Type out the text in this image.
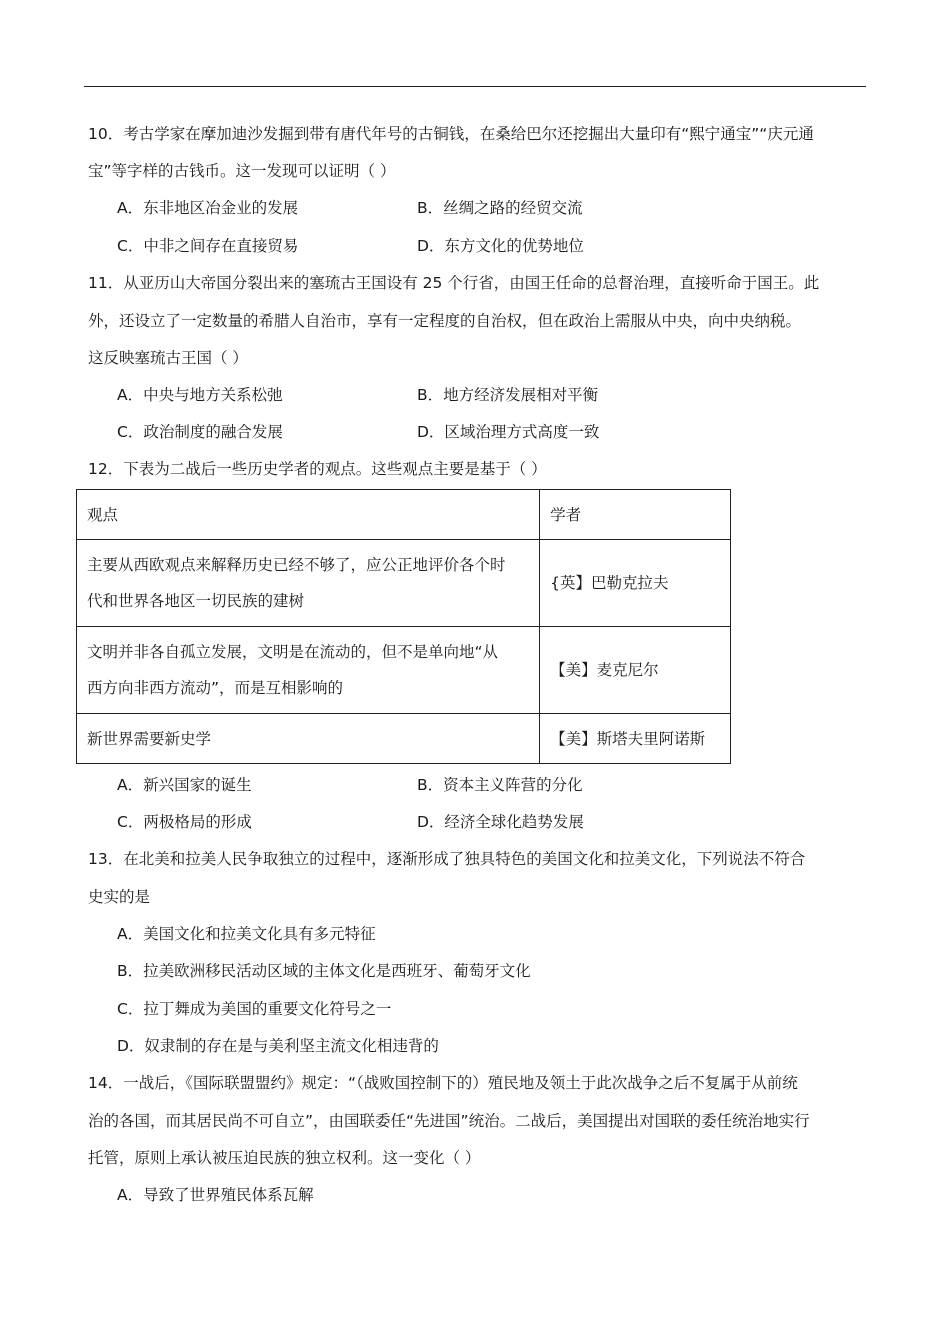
10．考古学家在摩加迪沙发掘到带有唐代年号的古铜钱，在桑给巴尔还挖掘出大量印有“熙宁通宝”“庆元通
宝”等字样的古钱币。这一发现可以证明（ ）
A．东非地区冶金业的发展	B．丝绸之路的经贸交流
C．中非之间存在直接贸易	D．东方文化的优势地位
11．从亚历山大帝国分裂出来的塞琉古王国设有 25 个行省，由国王任命的总督治理，直接听命于国王。此
外，还设立了一定数量的希腊人自治市，享有一定程度的自治权，但在政治上需服从中央，向中央纳税。
这反映塞琉古王国（ ）
A．中央与地方关系松弛	B．地方经济发展相对平衡
C．政治制度的融合发展	D．区域治理方式高度一致
12．下表为二战后一些历史学者的观点。这些观点主要是基于（ ）
观点	学者

主要从西欧观点来解释历史已经不够了，应公正地评价各个时
代和世界各地区一切民族的建树	{英】巴勒克拉夫

文明并非各自孤立发展，文明是在流动的，但不是单向地“从
西方向非西方流动”，而是互相影响的	【美】麦克尼尔
新世界需要新史学	【美】斯塔夫里阿诺斯
A．新兴国家的诞生	B．资本主义阵营的分化
C．两极格局的形成	D．经济全球化趋势发展
13．在北美和拉美人民争取独立的过程中，逐渐形成了独具特色的美国文化和拉美文化，下列说法不符合
史实的是
A．美国文化和拉美文化具有多元特征
B．拉美欧洲移民活动区域的主体文化是西班牙、葡萄牙文化
C．拉丁舞成为美国的重要文化符号之一
D．奴隶制的存在是与美利坚主流文化相违背的
14．一战后，《国际联盟盟约》规定：“（战败国控制下的）殖民地及领土于此次战争之后不复属于从前统
治的各国，而其居民尚不可自立”，由国联委任“先进国”统治。二战后，美国提出对国联的委任统治地实行
托管，原则上承认被压迫民族的独立权利。这一变化（ ）
A．导致了世界殖民体系瓦解
